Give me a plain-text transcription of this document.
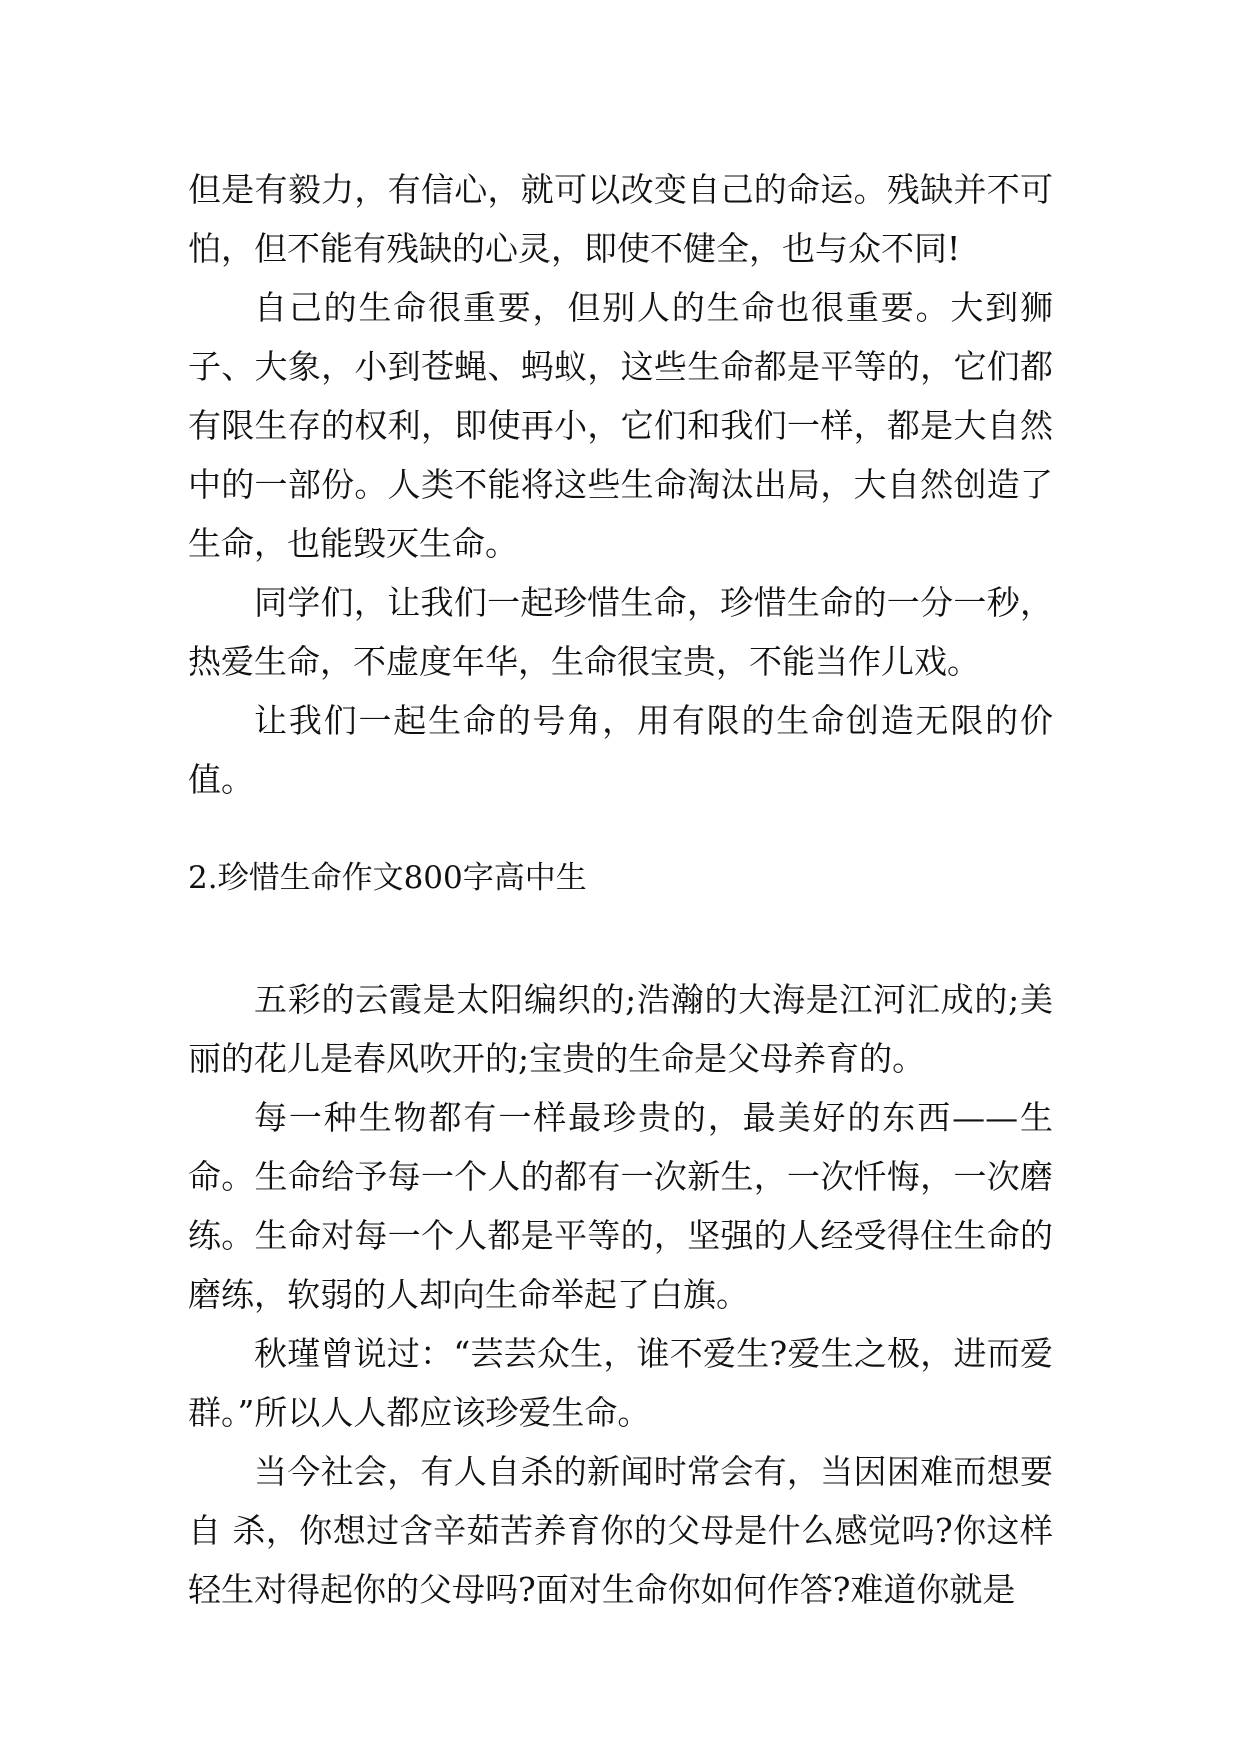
但是有毅力，有信心，就可以改变自己的命运。残缺并不可怕，但不能有残缺的心灵，即使不健全，也与众不同!

自己的生命很重要，但别人的生命也很重要。大到狮子、大象，小到苍蝇、蚂蚁，这些生命都是平等的，它们都有限生存的权利，即使再小，它们和我们一样，都是大自然中的一部份。人类不能将这些生命淘汰出局，大自然创造了生命，也能毁灭生命。

同学们，让我们一起珍惜生命，珍惜生命的一分一秒，热爱生命，不虚度年华，生命很宝贵，不能当作儿戏。

让我们一起生命的号角，用有限的生命创造无限的价值。

2.珍惜生命作文800字高中生

五彩的云霞是太阳编织的;浩瀚的大海是江河汇成的;美丽的花儿是春风吹开的;宝贵的生命是父母养育的。

每一种生物都有一样最珍贵的，最美好的东西——生命。生命给予每一个人的都有一次新生，一次忏悔，一次磨练。生命对每一个人都是平等的，坚强的人经受得住生命的磨练，软弱的人却向生命举起了白旗。

秋瑾曾说过：“芸芸众生，谁不爱生?爱生之极，进而爱群。”所以人人都应该珍爱生命。

当今社会，有人自杀的新闻时常会有，当因困难而想要自 杀，你想过含辛茹苦养育你的父母是什么感觉吗?你这样轻生对得起你的父母吗?面对生命你如何作答?难道你就是
